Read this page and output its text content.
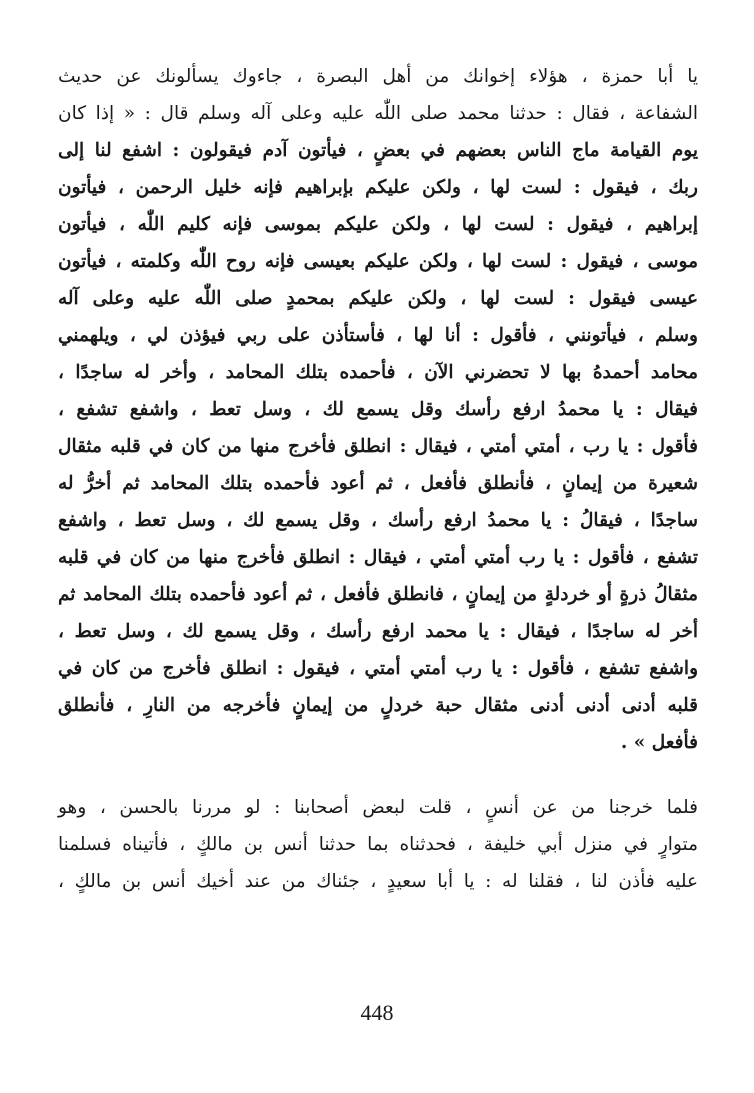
يا أبا حمزة ، هؤلاء إخوانك من أهل البصرة ، جاءوك يسألونك عن حديث
الشفاعة ، فقال : حدثنا محمد صلى اللّٰه عليه وعلى آله وسلم قال : « إذا كان
يوم القيامة ماج الناس بعضهم في بعضٍ ، فيأتون آدم فيقولون : اشفع لنا إلى
ربك ، فيقول : لست لها ، ولكن عليكم بإبراهيم فإنه خليل الرحمن ، فيأتون
إبراهيم ، فيقول : لست لها ، ولكن عليكم بموسى فإنه كليم اللّٰه ، فيأتون
موسى ، فيقول : لست لها ، ولكن عليكم بعيسى فإنه روح اللّٰه وكلمته ، فيأتون
عيسى فيقول : لست لها ، ولكن عليكم بمحمدٍ صلى اللّٰه عليه وعلى آله
وسلم ، فيأتونني ، فأقول : أنا لها ، فأستأذن على ربي فيؤذن لي ، ويلهمني
محامد أحمدهُ بها لا تحضرني الآن ، فأحمده بتلك المحامد ، وأخر له ساجدًا ،
فيقال : يا محمدُ ارفع رأسك وقل يسمع لك ، وسل تعط ، واشفع تشفع ،
فأقول : يا رب ، أمتي أمتي ، فيقال : انطلق فأخرج منها من كان في قلبه مثقال
شعيرة من إيمانٍ ، فأنطلق فأفعل ، ثم أعود فأحمده بتلك المحامد ثم أخرُّ له
ساجدًا ، فيقالُ : يا محمدُ ارفع رأسك ، وقل يسمع لك ، وسل تعط ، واشفع
تشفع ، فأقول : يا رب أمتي أمتي ، فيقال : انطلق فأخرج منها من كان في قلبه
مثقالُ ذرةٍ أو خردلةٍ من إيمانٍ ، فانطلق فأفعل ، ثم أعود فأحمده بتلك المحامد ثم
أخر له ساجدًا ، فيقال : يا محمد ارفع رأسك ، وقل يسمع لك ، وسل تعط ،
واشفع تشفع ، فأقول : يا رب أمتي أمتي ، فيقول : انطلق فأخرج من كان في
قلبه أدنى أدنى أدنى مثقال حبة خردلٍ من إيمانٍ فأخرجه من النارِ ، فأنطلق
فأفعل » .
فلما خرجنا من عن أنسٍ ، قلت لبعض أصحابنا : لو مررنا بالحسن ، وهو
متوارٍ في منزل أبي خليفة ، فحدثناه بما حدثنا أنس بن مالكٍ ، فأتيناه فسلمنا
عليه فأذن لنا ، فقلنا له : يا أبا سعيدٍ ، جئناك من عند أخيك أنس بن مالكٍ ،
448
